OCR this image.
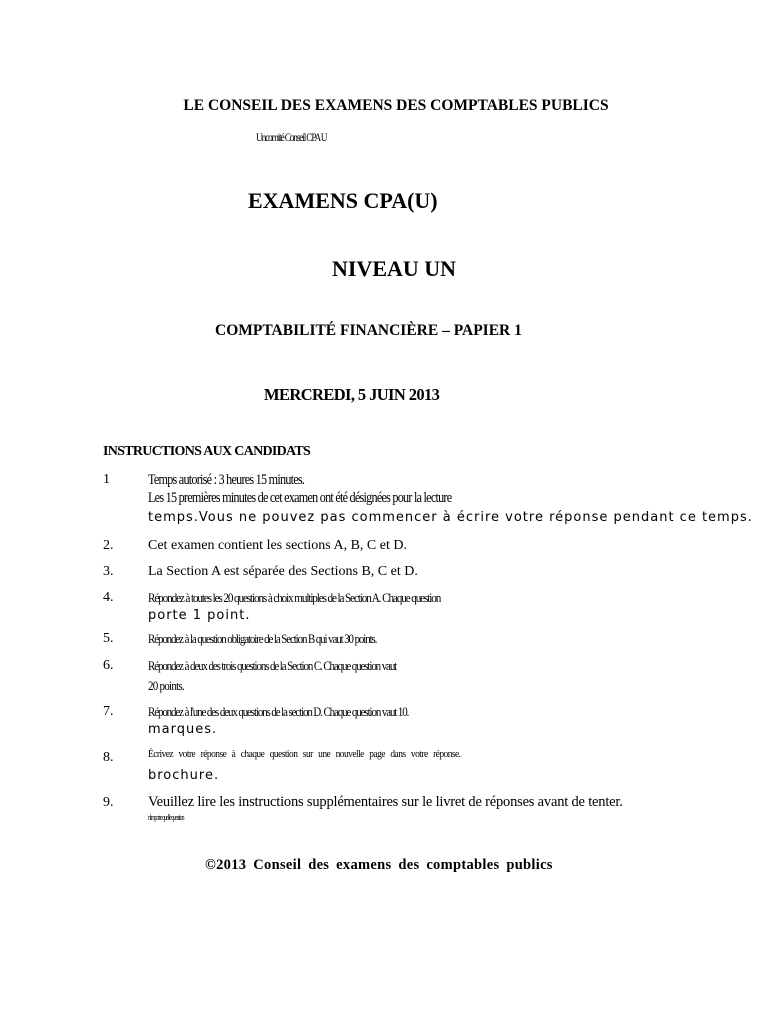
LE CONSEIL DES EXAMENS DES COMPTABLES PUBLICS
Uncomité Conseil CPA U
EXAMENS CPA(U)
NIVEAU UN
COMPTABILITÉ FINANCIÈRE – PAPIER 1
MERCREDI, 5 JUIN 2013
INSTRUCTIONS AUX CANDIDATS
1	Temps autorisé : 3 heures 15 minutes.
Les 15 premières minutes de cet examen ont été désignées pour la lecture
temps.Vous ne pouvez pas commencer à écrire votre réponse pendant ce temps.
2. Cet examen contient les sections A, B, C et D.
3. La Section A est séparée des Sections B, C et D.
4.	Répondez à toutes les 20 questions à choix multiples de la Section A. Chaque question
porte 1 point.
5.	Répondez à la question obligatoire de la Section B qui vaut 30 points.
6.	Répondez à deux des trois questions de la Section C. Chaque question vaut
20 points.
7.	Répondez à l'une des deux questions de la section D. Chaque question vaut 10.
marques.
8.	Écrivez votre réponse à chaque question sur une nouvelle page dans votre réponse.
brochure.
9. Veuillez lire les instructions supplémentaires sur le livret de réponses avant de tenter.
n'importe quelle question
©2013 Conseil des examens des comptables publics
